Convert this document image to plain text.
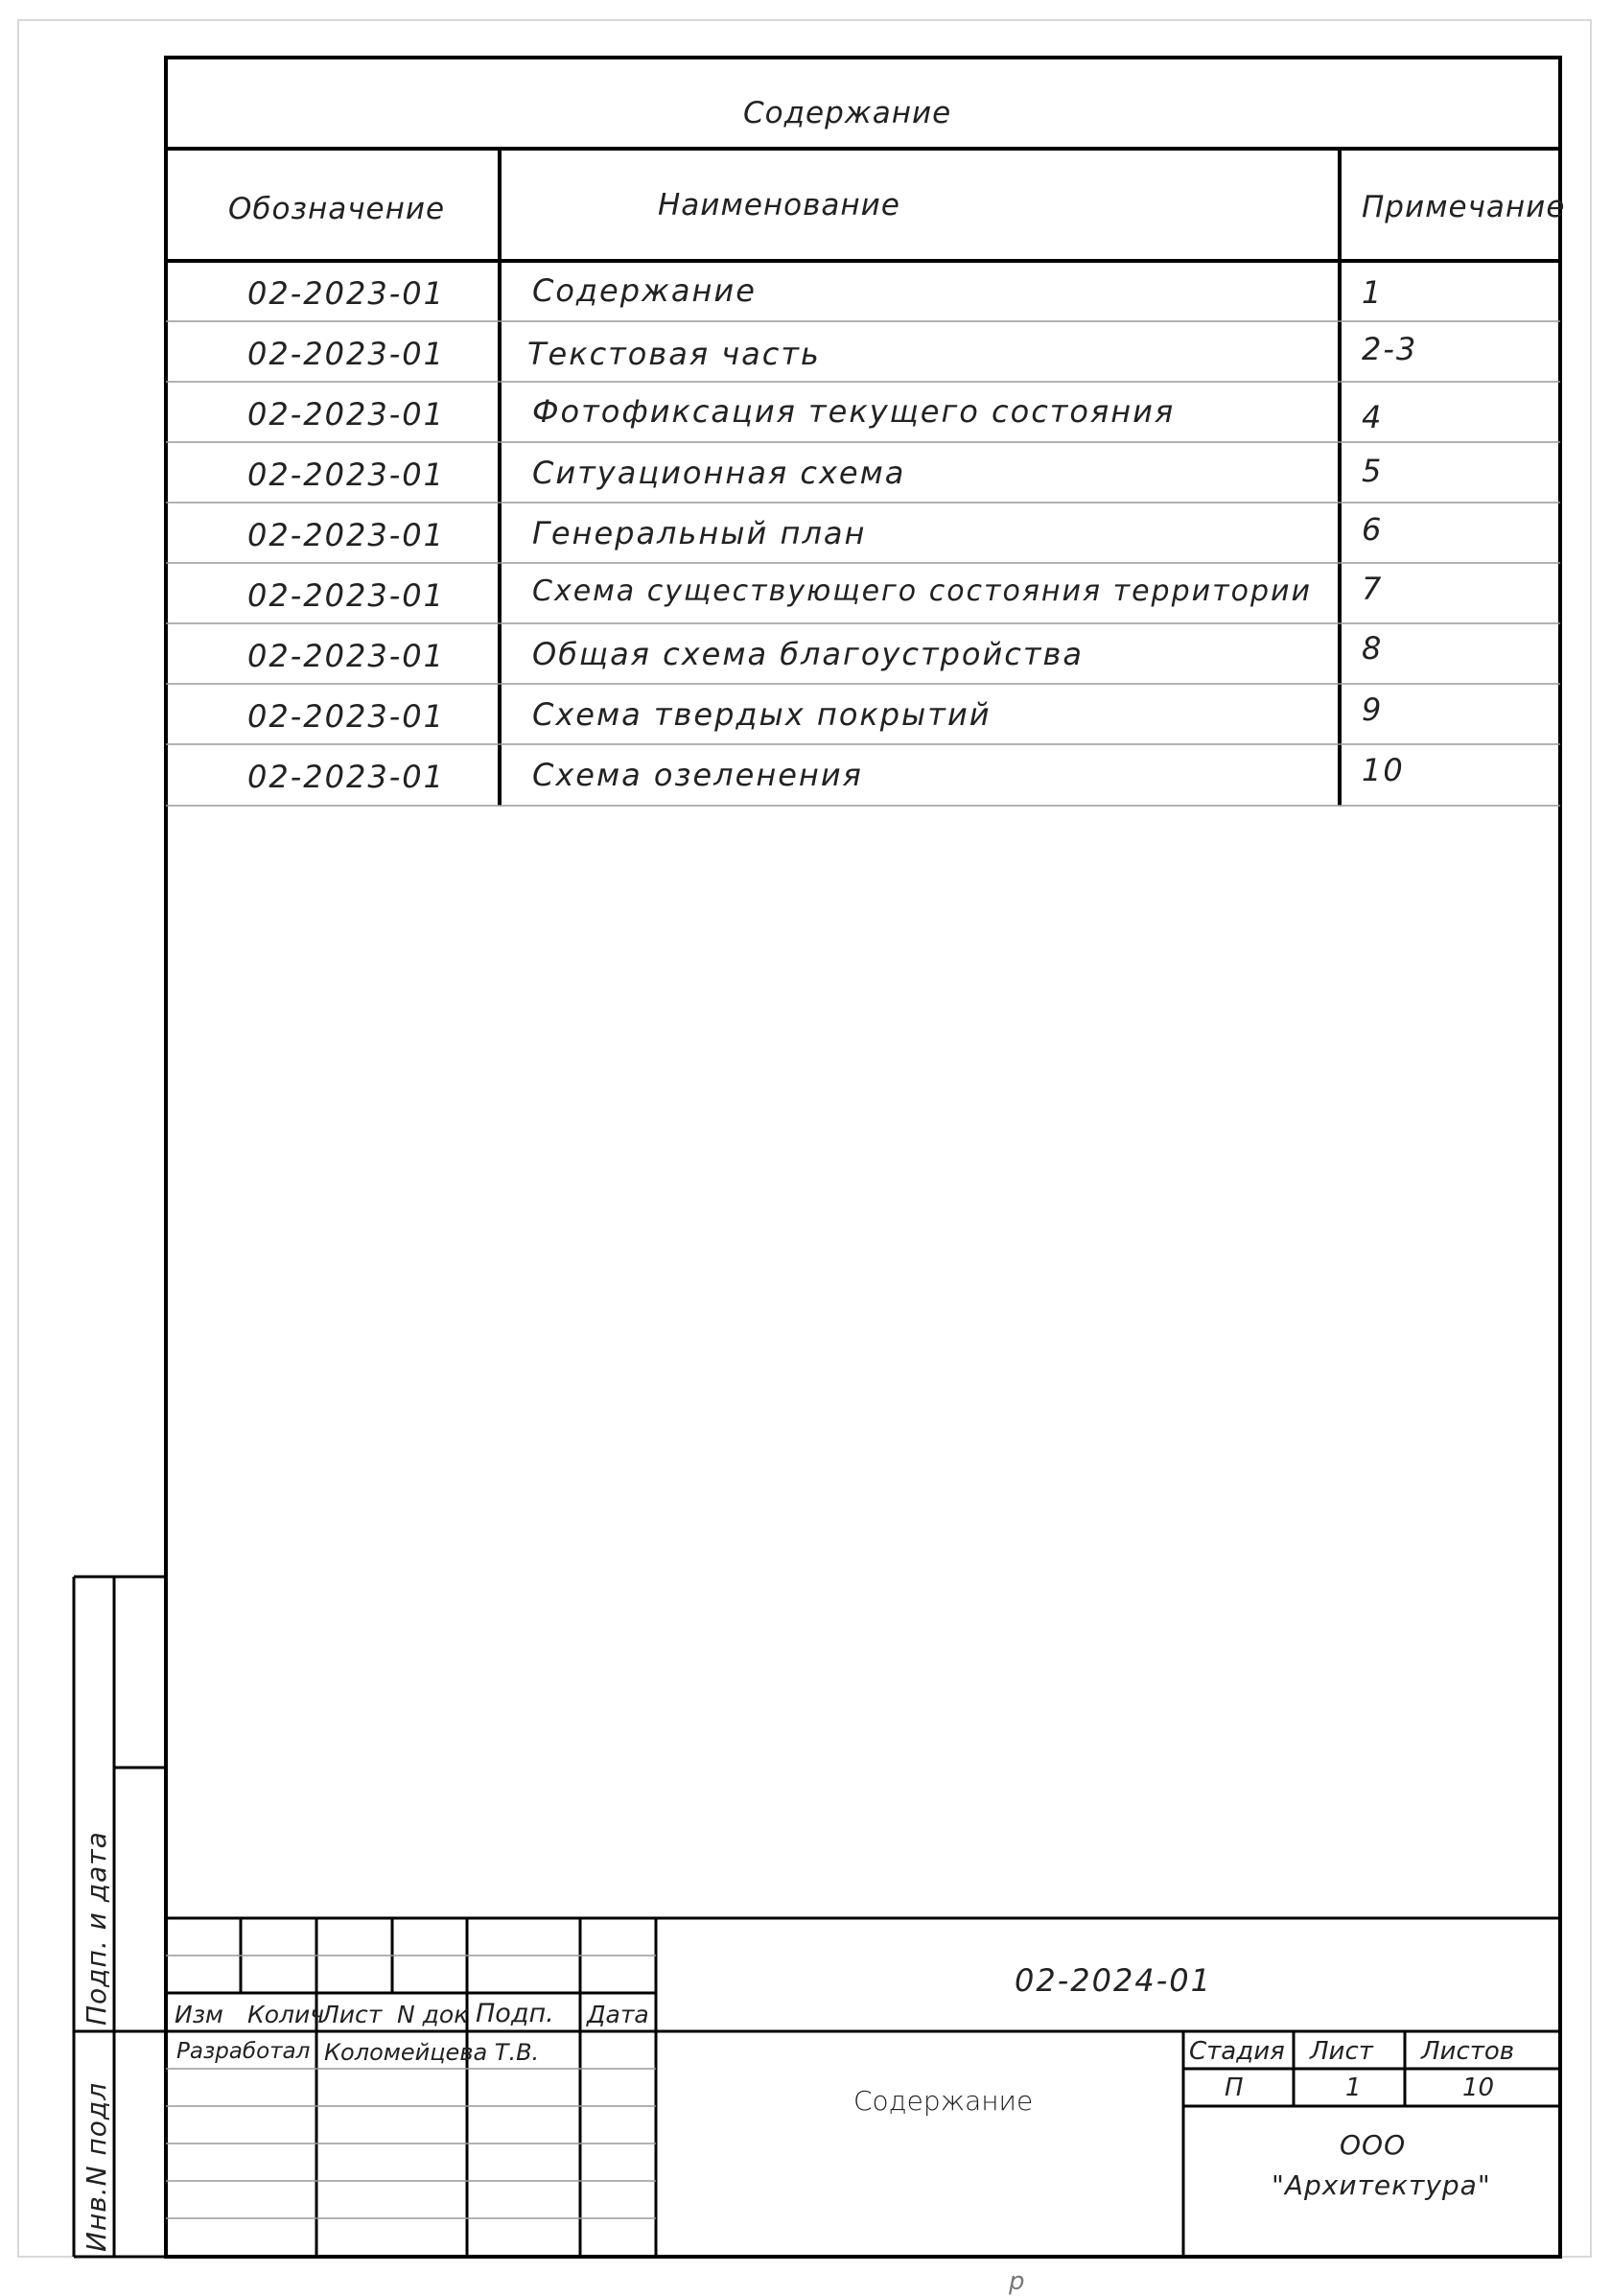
Содержание
Обозначение	Наименование	Примечание
02-2023-01	Содержание	1
02-2023-01	Текстовая часть	2-3
02-2023-01	Фотофиксация текущего состояния	4
02-2023-01	Ситуационная схема	5
02-2023-01	Генеральный план	6
02-2023-01	Схема существующего состояния территории 7
02-2023-01	Общая схема благоустройства	8
02-2023-01	Схема твердых покрытий	9
02-2023-01	Схема озеленения	10
Подп. и дата
Инв.N подл
02-2024-01
Изм Колич
Лист N док Подп. Дата
Разработал Коломейцева Т.В.
Содержание
Стадия Лист Листов
П	1	10
ООО
"Архитектура"
p
